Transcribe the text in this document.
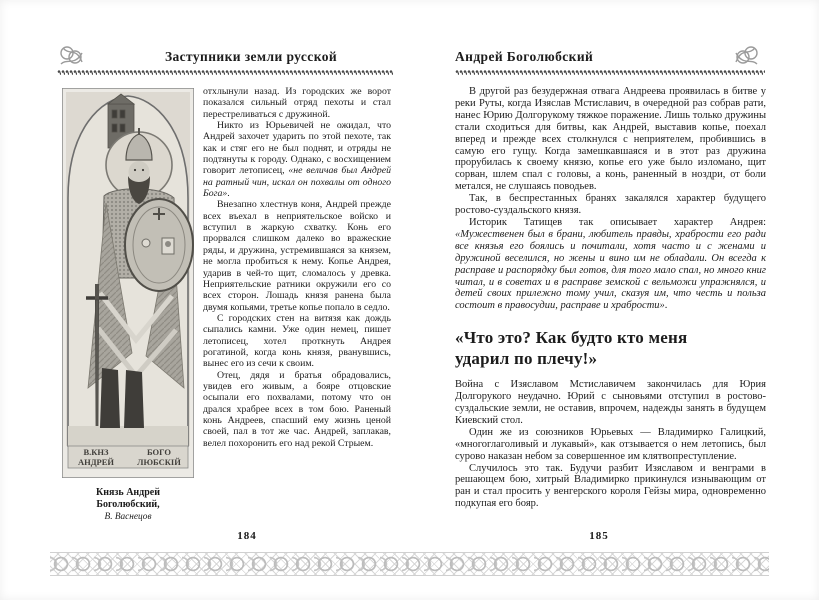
Заступники земли русской	Андрей Боголюбский
В.КНЗ
АНДРЕЙ
БОГО
ЛЮБСКIЙ
Князь Андрей
Боголюбский,
В. Васнецов

отхлынули назад. Из городских же ворот показался сильный отряд пехоты и стал перестреливаться с дружиной.

Никто из Юрьевичей не ожидал, что Андрей захочет ударить по этой пехоте, так как и стяг его не был поднят, и отряды не подтянуты к городу. Однако, с восхищением говорит летописец, «не величав был Андрей на ратный чин, искал он похвалы от одного Бога».

Внезапно хлестнув коня, Андрей прежде всех въехал в неприятельское войско и вступил в жаркую схватку. Конь его прорвался слишком далеко во вражеские ряды, и дружина, устремившаяся за князем, не могла пробиться к нему. Копье Андрея, ударив в чей-то щит, сломалось у древка. Неприятельские ратники окружили его со всех сторон. Лошадь князя ранена была двумя копьями, третье копье попало в седло.

С городских стен на витязя как дождь сыпались камни. Уже один немец, пишет летописец, хотел проткнуть Андрея рогатиной, когда конь князя, рванувшись, вынес его из сечи к своим.

Отец, дядя и братья обрадовались, увидев его живым, а бояре отцовские осыпали его похвалами, потому что он дрался храбрее всех в том бою. Раненый конь Андреев, спасший ему жизнь ценой своей, пал в тот же час. Андрей, заплакав, велел похоронить его над рекой Стрыем.

В другой раз безудержная отвага Андреева проявилась в битве у реки Руты, когда Изяслав Мстиславич, в очередной раз собрав рати, нанес Юрию Долгорукому тяжкое поражение. Лишь только дружины стали сходиться для битвы, как Андрей, выставив копье, поехал вперед и прежде всех столкнулся с неприятелем, пробившись в самую его гущу. Когда замешкавшаяся и в этот раз дружина прорубилась к своему князю, копье его уже было изломано, щит сорван, шлем спал с головы, а конь, раненный в ноздри, от боли метался, не слушаясь поводьев.

Так, в беспрестанных бранях закалялся характер будущего ростово-суздальского князя.

Историк Татищев так описывает характер Андрея: «Мужественен был в брани, любитель правды, храбрости его ради все князья его боялись и почитали, хотя часто и с женами и дружиной веселился, но жены и вино им не обладали. Он всегда к расправе и распорядку был готов, для того мало спал, но много книг читал, и в советах и в расправе земской с вельможи упражнялся, и детей своих прилежно тому учил, сказуя им, что честь и польза состоит в правосудии, расправе и храбрости».

«Что это? Как будто кто меня
ударил по плечу!»

Война с Изяславом Мстиславичем закончилась для Юрия Долгорукого неудачно. Юрий с сыновьями отступил в ростово-суздальские земли, не оставив, впрочем, надежды занять в будущем Киевский стол.

Один же из союзников Юрьевых — Владимирко Галицкий, «многоглаголивый и лукавый», как отзывается о нем летопись, был сурово наказан небом за совершенное им клятвопреступление.

Случилось это так. Будучи разбит Изяславом и венграми в решающем бою, хитрый Владимирко прикинулся изнывающим от ран и стал просить у венгерского короля Гейзы мира, одновременно подкупая его бояр.

184	185
